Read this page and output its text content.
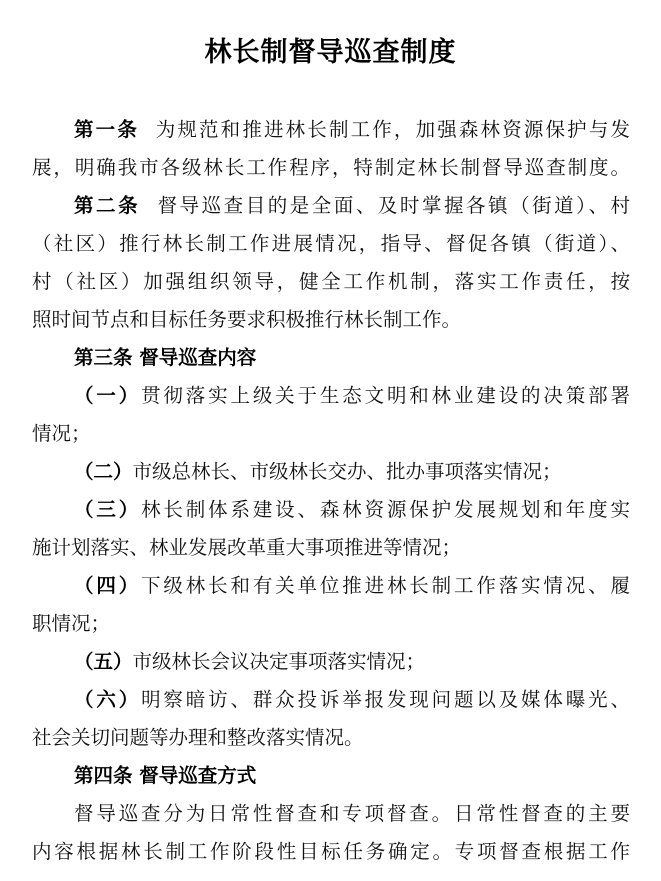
林长制督导巡查制度
第一条 为规范和推进林长制工作，加强森林资源保护与发
展，明确我市各级林长工作程序，特制定林长制督导巡查制度。
第二条 督导巡查目的是全面、及时掌握各镇（街道）、村
（社区）推行林长制工作进展情况，指导、督促各镇（街道）、
村（社区）加强组织领导，健全工作机制，落实工作责任，按
照时间节点和目标任务要求积极推行林长制工作。
第三条 督导巡查内容
（一）贯彻落实上级关于生态文明和林业建设的决策部署
情况；
（二）市级总林长、市级林长交办、批办事项落实情况；
（三）林长制体系建设、森林资源保护发展规划和年度实
施计划落实、林业发展改革重大事项推进等情况；
（四）下级林长和有关单位推进林长制工作落实情况、履
职情况；
（五）市级林长会议决定事项落实情况；
（六）明察暗访、群众投诉举报发现问题以及媒体曝光、
社会关切问题等办理和整改落实情况。
第四条 督导巡查方式
督导巡查分为日常性督查和专项督查。日常性督查的主要
内容根据林长制工作阶段性目标任务确定。专项督查根据工作
